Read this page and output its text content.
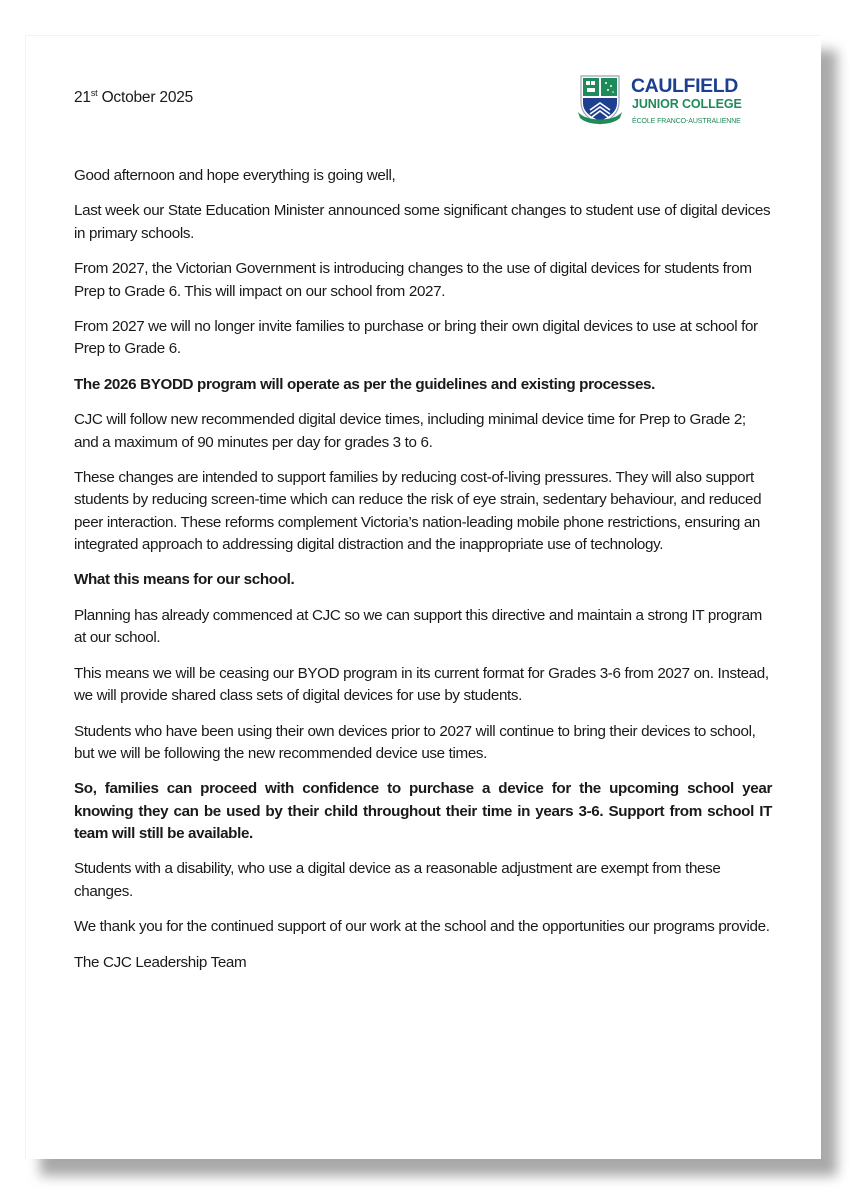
21st October 2025
CAULFIELD
JUNIOR COLLEGE
ÉCOLE FRANCO-AUSTRALIENNE

Good afternoon and hope everything is going well,

Last week our State Education Minister announced some significant changes to student use of digital devices in primary schools.

From 2027, the Victorian Government is introducing changes to the use of digital devices for students from Prep to Grade 6. This will impact on our school from 2027.

From 2027 we will no longer invite families to purchase or bring their own digital devices to use at school for Prep to Grade 6.

The 2026 BYODD program will operate as per the guidelines and existing processes.

CJC will follow new recommended digital device times, including minimal device time for Prep to Grade 2; and a maximum of 90 minutes per day for grades 3 to 6.

These changes are intended to support families by reducing cost-of-living pressures. They will also support students by reducing screen-time which can reduce the risk of eye strain, sedentary behaviour, and reduced peer interaction. These reforms complement Victoria’s nation-leading mobile phone restrictions, ensuring an integrated approach to addressing digital distraction and the inappropriate use of technology.

What this means for our school.

Planning has already commenced at CJC so we can support this directive and maintain a strong IT program at our school.

This means we will be ceasing our BYOD program in its current format for Grades 3-6 from 2027 on. Instead, we will provide shared class sets of digital devices for use by students.

Students who have been using their own devices prior to 2027 will continue to bring their devices to school, but we will be following the new recommended device use times.

So, families can proceed with confidence to purchase a device for the upcoming school year knowing they can be used by their child throughout their time in years 3-6. Support from school IT team will still be available.

Students with a disability, who use a digital device as a reasonable adjustment are exempt from these changes.

We thank you for the continued support of our work at the school and the opportunities our programs provide.

The CJC Leadership Team
